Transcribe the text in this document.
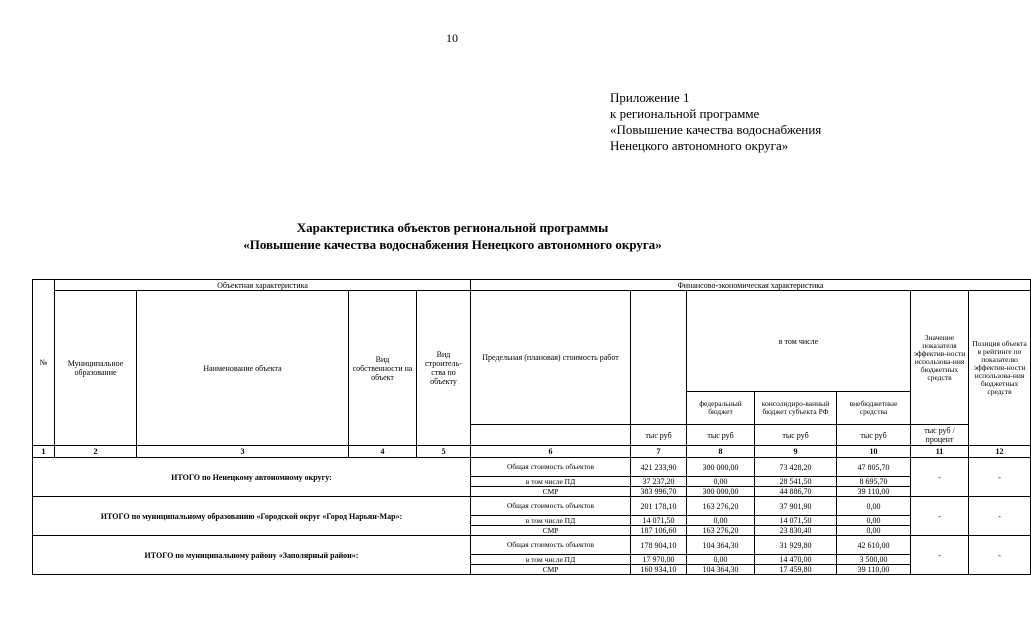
10
Приложение 1
к региональной программе
«Повышение качества водоснабжения
Ненецкого автономного округа»
Характеристика объектов региональной программы
«Повышение качества водоснабжения Ненецкого автономного округа»
№	Объектная характеристика				Финансово-экономическая характеристика						
	Муниципальное образование	Наименование объекта	Вид собственности на объект	Вид строитель-ства по объекту	Предельная (плановая) стоимость работ		в том числе			Значение показателя эффектив-ности использова-ния бюджетных средств	Позиция объекта в рейтинге по показателю эффектив-ности использова-ния бюджетных средств
							федеральный бюджет	консолидиро-ванный бюджет субъекта РФ	внебюджетные средства		
						тыс руб	тыс руб	тыс руб	тыс руб	тыс руб / процент	
1	2	3	4	5	6	7	8	9	10	11	12
ИТОГО по Ненецкому автономному округу:					Общая стоимость объектов	421 233,90	300 000,00	73 428,20	47 805,70	-	-
					в том числе ПД	37 237,20	0,00	28 541,50	8 695,70		
					СМР	383 996,70	300 000,00	44 886,70	39 110,00		
ИТОГО по муниципальному образованию «Городской округ «Город Нарьян-Мар»:					Общая стоимость объектов	201 178,10	163 276,20	37 901,90	0,00	-	-
					в том числе ПД	14 071,50	0,00	14 071,50	0,00		
					СМР	187 106,60	163 276,20	23 830,40	0,00		
ИТОГО по муниципальному району «Заполярный район»:					Общая стоимость объектов	178 904,10	104 364,30	31 929,80	42 610,00	-	-
					в том числе ПД	17 970,00	0,00	14 470,00	3 500,00		
					СМР	160 934,10	104 364,30	17 459,80	39 110,00		
